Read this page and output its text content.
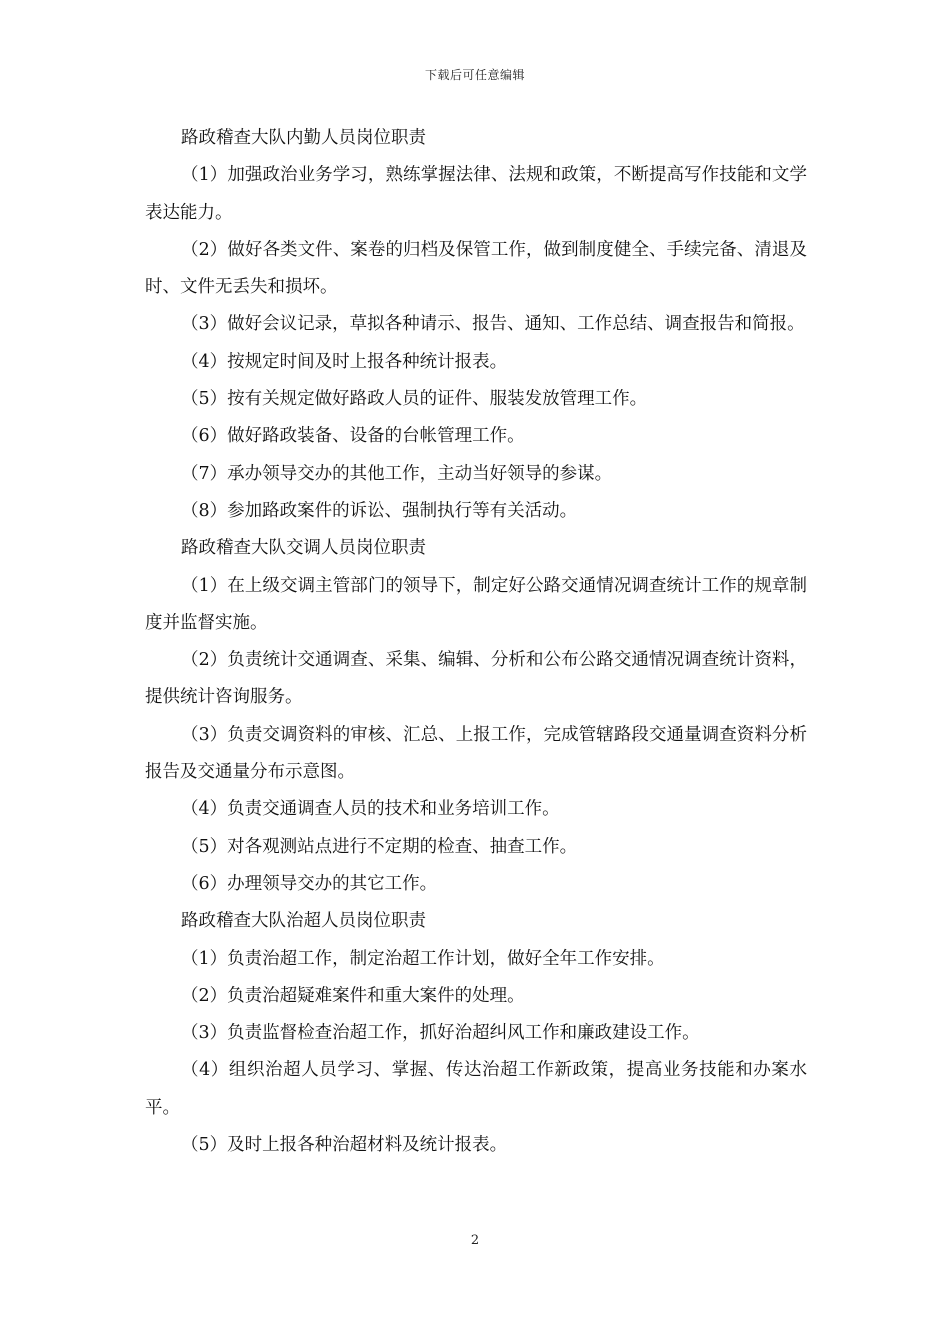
下载后可任意编辑

路政稽查大队内勤人员岗位职责

（1）加强政治业务学习，熟练掌握法律、法规和政策，不断提高写作技能和文学表达能力。

（2）做好各类文件、案卷的归档及保管工作，做到制度健全、手续完备、清退及时、文件无丢失和损坏。

（3）做好会议记录，草拟各种请示、报告、通知、工作总结、调查报告和简报。

（4）按规定时间及时上报各种统计报表。

（5）按有关规定做好路政人员的证件、服装发放管理工作。

（6）做好路政装备、设备的台帐管理工作。

（7）承办领导交办的其他工作，主动当好领导的参谋。

（8）参加路政案件的诉讼、强制执行等有关活动。

路政稽查大队交调人员岗位职责

（1）在上级交调主管部门的领导下，制定好公路交通情况调查统计工作的规章制度并监督实施。

（2）负责统计交通调查、采集、编辑、分析和公布公路交通情况调查统计资料，提供统计咨询服务。

（3）负责交调资料的审核、汇总、上报工作，完成管辖路段交通量调查资料分析报告及交通量分布示意图。

（4）负责交通调查人员的技术和业务培训工作。

（5）对各观测站点进行不定期的检查、抽查工作。

（6）办理领导交办的其它工作。

路政稽查大队治超人员岗位职责

（1）负责治超工作，制定治超工作计划，做好全年工作安排。

（2）负责治超疑难案件和重大案件的处理。

（3）负责监督检查治超工作，抓好治超纠风工作和廉政建设工作。

（4）组织治超人员学习、掌握、传达治超工作新政策，提高业务技能和办案水平。

（5）及时上报各种治超材料及统计报表。

2
